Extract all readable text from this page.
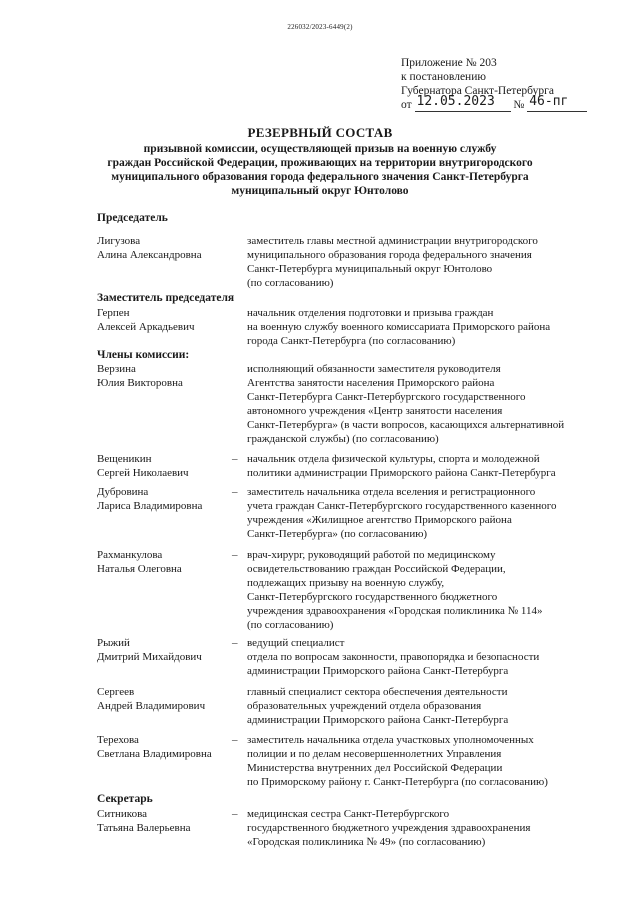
226032/2023-6449(2)
Приложение № 203
к постановлению
Губернатора Санкт-Петербурга
от 12.05.2023 № 46-пг
РЕЗЕРВНЫЙ СОСТАВ
призывной комиссии, осуществляющей призыв на военную службу
граждан Российской Федерации, проживающих на территории внутригородского
муниципального образования города федерального значения Санкт-Петербурга
муниципальный округ Юнтолово
Председатель
Лигузова
Алина Александровна
заместитель главы местной администрации внутригородского
муниципального образования города федерального значения
Санкт-Петербурга муниципальный округ Юнтолово
(по согласованию)
Заместитель председателя
Герпен
Алексей Аркадьевич
начальник отделения подготовки и призыва граждан
на военную службу военного комиссариата Приморского района
города Санкт-Петербурга (по согласованию)
Члены комиссии:
Верзина
Юлия Викторовна
исполняющий обязанности заместителя руководителя
Агентства занятости населения Приморского района
Санкт-Петербурга Санкт-Петербургского государственного
автономного учреждения «Центр занятости населения
Санкт-Петербурга» (в части вопросов, касающихся альтернативной
гражданской службы) (по согласованию)
Вещеникин
Сергей Николаевич
– начальник отдела физической культуры, спорта и молодежной
политики администрации Приморского района Санкт-Петербурга
Дубровина
Лариса Владимировна
– заместитель начальника отдела вселения и регистрационного
учета граждан Санкт-Петербургского государственного казенного
учреждения «Жилищное агентство Приморского района
Санкт-Петербурга» (по согласованию)
Рахманкулова
Наталья Олеговна
– врач-хирург, руководящий работой по медицинскому
освидетельствованию граждан Российской Федерации,
подлежащих призыву на военную службу,
Санкт-Петербургского государственного бюджетного
учреждения здравоохранения «Городская поликлиника № 114»
(по согласованию)
Рыжий
Дмитрий Михайдович
– ведущий специалист
отдела по вопросам законности, правопорядка и безопасности
администрации Приморского района Санкт-Петербурга
Сергеев
Андрей Владимирович
главный специалист сектора обеспечения деятельности
образовательных учреждений отдела образования
администрации Приморского района Санкт-Петербурга
Терехова
Светлана Владимировна
– заместитель начальника отдела участковых уполномоченных
полиции и по делам несовершеннолетних Управления
Министерства внутренних дел Российской Федерации
по Приморскому району г. Санкт-Петербурга (по согласованию)
Секретарь
Ситникова
Татьяна Валерьевна
– медицинская сестра Санкт-Петербургского
государственного бюджетного учреждения здравоохранения
«Городская поликлиника № 49» (по согласованию)
